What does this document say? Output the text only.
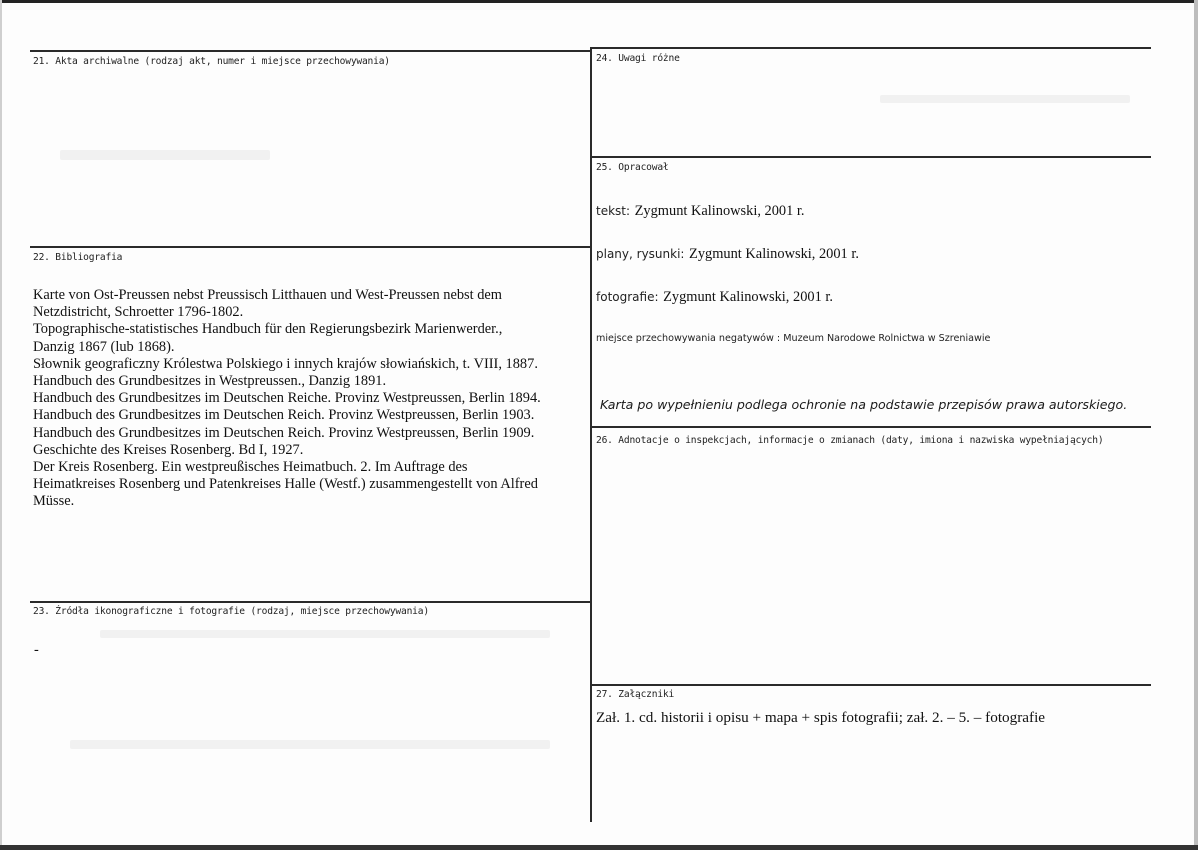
21. Akta archiwalne (rodzaj akt, numer i miejsce przechowywania)
22. Bibliografia
Karte von Ost-Preussen nebst Preussisch Litthauen und West-Preussen nebst dem
Netzdistricht, Schroetter 1796-1802.
Topographische-statistisches Handbuch für den Regierungsbezirk Marienwerder.,
Danzig 1867 (lub 1868).
Słownik geograficzny Królestwa Polskiego i innych krajów słowiańskich, t. VIII, 1887.
Handbuch des Grundbesitzes in Westpreussen., Danzig 1891.
Handbuch des Grundbesitzes im Deutschen Reiche. Provinz Westpreussen, Berlin 1894.
Handbuch des Grundbesitzes im Deutschen Reich. Provinz Westpreussen, Berlin 1903.
Handbuch des Grundbesitzes im Deutschen Reich. Provinz Westpreussen, Berlin 1909.
Geschichte des Kreises Rosenberg. Bd I, 1927.
Der Kreis Rosenberg. Ein westpreußisches Heimatbuch. 2. Im Auftrage des
Heimatkreises Rosenberg und Patenkreises Halle (Westf.) zusammengestellt von Alfred
Müsse.
23. Źródła ikonograficzne i fotografie (rodzaj, miejsce przechowywania)
-
24. Uwagi różne
25. Opracował
tekst: Zygmunt Kalinowski, 2001 r.
plany, rysunki: Zygmunt Kalinowski, 2001 r.
fotografie: Zygmunt Kalinowski, 2001 r.
miejsce przechowywania negatywów : Muzeum Narodowe Rolnictwa w Szreniawie
Karta po wypełnieniu podlega ochronie na podstawie przepisów prawa autorskiego.
26. Adnotacje o inspekcjach, informacje o zmianach (daty, imiona i nazwiska wypełniających)
27. Załączniki
Zał. 1. cd. historii i opisu + mapa + spis fotografii; zał. 2. – 5. – fotografie
